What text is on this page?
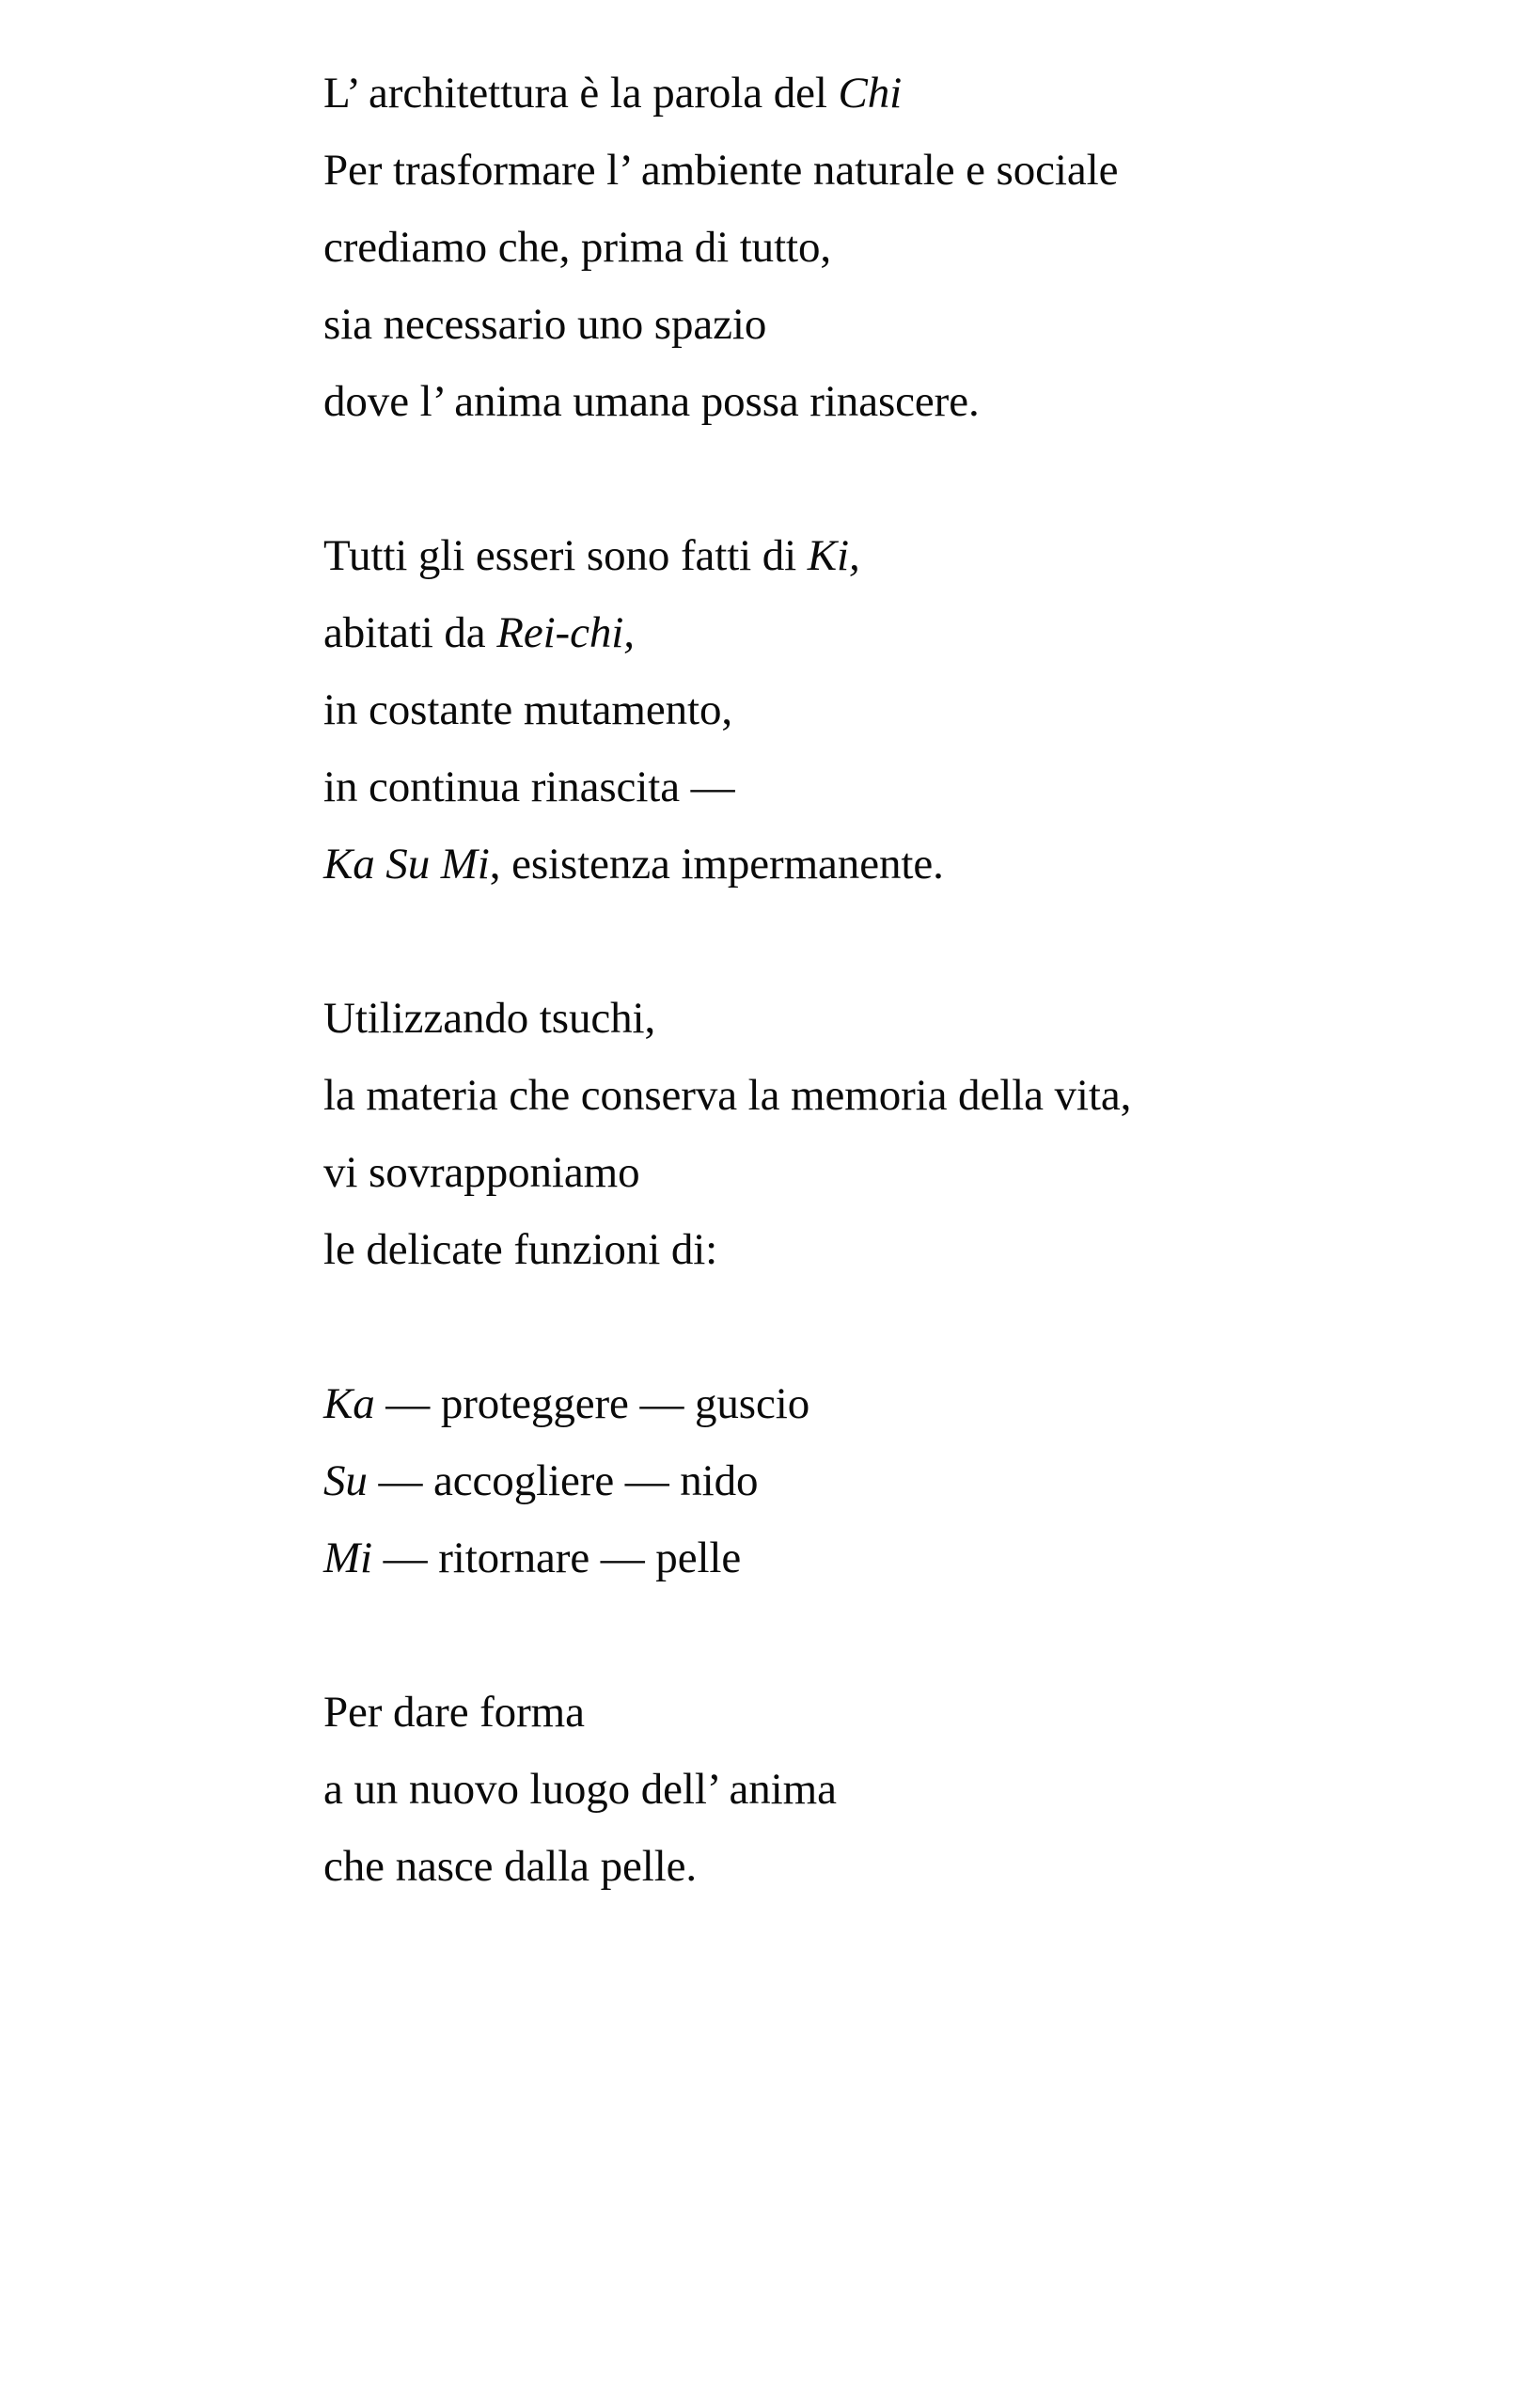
L’ architettura è la parola del Chi
Per trasformare l’ ambiente naturale e sociale
crediamo che, prima di tutto,
sia necessario uno spazio
dove l’ anima umana possa rinascere.
Tutti gli esseri sono fatti di Ki,
abitati da Rei-chi,
in costante mutamento,
in continua rinascita —
Ka Su Mi, esistenza impermanente.
Utilizzando tsuchi,
la materia che conserva la memoria della vita,
vi sovrapponiamo
le delicate funzioni di:
Ka — proteggere — guscio
Su — accogliere — nido
Mi — ritornare — pelle
Per dare forma
a un nuovo luogo dell’ anima
che nasce dalla pelle.
